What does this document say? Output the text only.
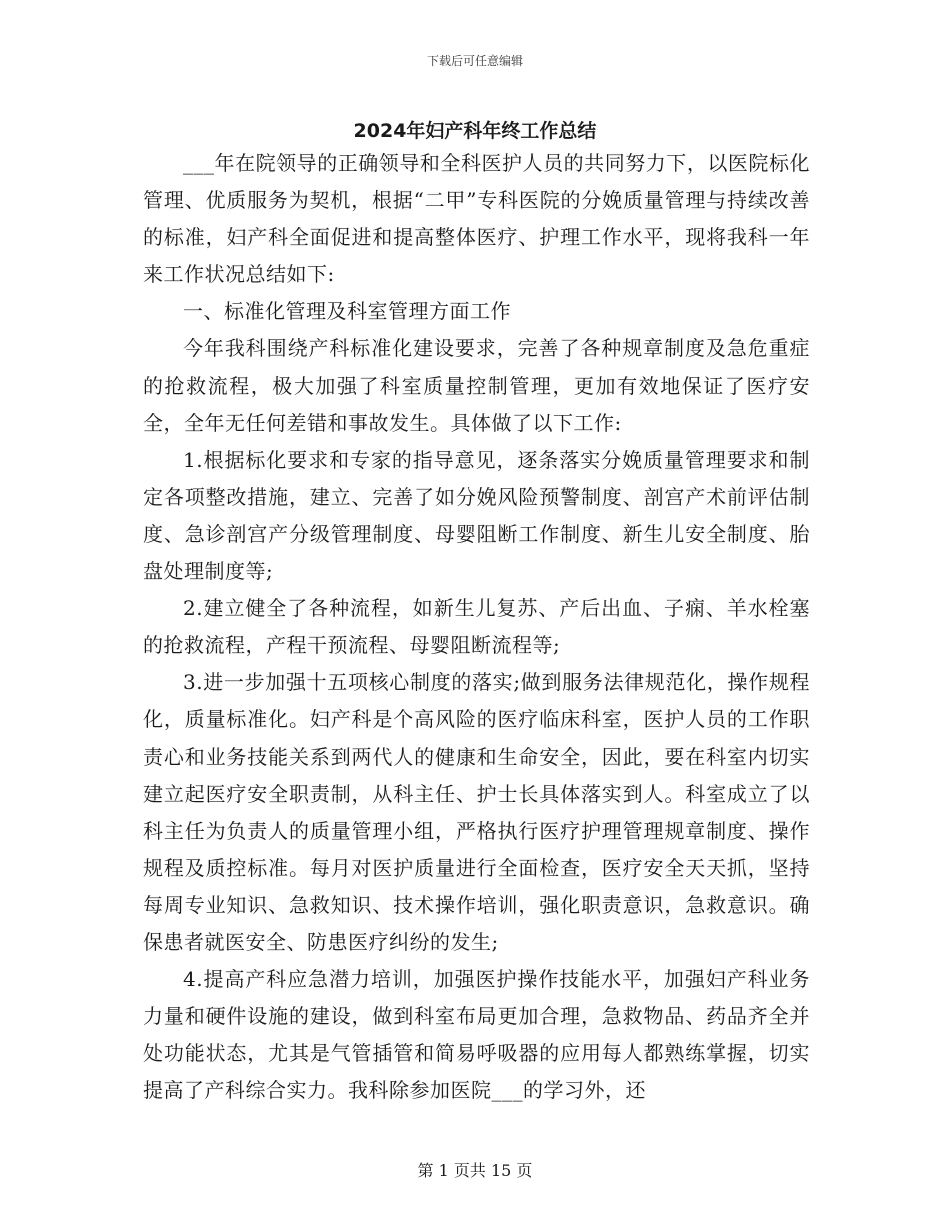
下载后可任意编辑
2024年妇产科年终工作总结

___年在院领导的正确领导和全科医护人员的共同努力下，以医院标化管理、优质服务为契机，根据“二甲”专科医院的分娩质量管理与持续改善的标准，妇产科全面促进和提高整体医疗、护理工作水平，现将我科一年来工作状况总结如下:

一、标准化管理及科室管理方面工作

今年我科围绕产科标准化建设要求，完善了各种规章制度及急危重症的抢救流程，极大加强了科室质量控制管理，更加有效地保证了医疗安全，全年无任何差错和事故发生。具体做了以下工作:

1.根据标化要求和专家的指导意见，逐条落实分娩质量管理要求和制定各项整改措施，建立、完善了如分娩风险预警制度、剖宫产术前评估制度、急诊剖宫产分级管理制度、母婴阻断工作制度、新生儿安全制度、胎盘处理制度等;

2.建立健全了各种流程，如新生儿复苏、产后出血、子痫、羊水栓塞的抢救流程，产程干预流程、母婴阻断流程等;

3.进一步加强十五项核心制度的落实;做到服务法律规范化，操作规程化，质量标准化。妇产科是个高风险的医疗临床科室，医护人员的工作职责心和业务技能关系到两代人的健康和生命安全，因此，要在科室内切实建立起医疗安全职责制，从科主任、护士长具体落实到人。科室成立了以科主任为负责人的质量管理小组，严格执行医疗护理管理规章制度、操作规程及质控标准。每月对医护质量进行全面检查，医疗安全天天抓，坚持每周专业知识、急救知识、技术操作培训，强化职责意识，急救意识。确保患者就医安全、防患医疗纠纷的发生;

4.提高产科应急潜力培训，加强医护操作技能水平，加强妇产科业务力量和硬件设施的建设，做到科室布局更加合理，急救物品、药品齐全并处功能状态，尤其是气管插管和简易呼吸器的应用每人都熟练掌握，切实提高了产科综合实力。我科除参加医院___的学习外，还

第 1 页共 15 页
